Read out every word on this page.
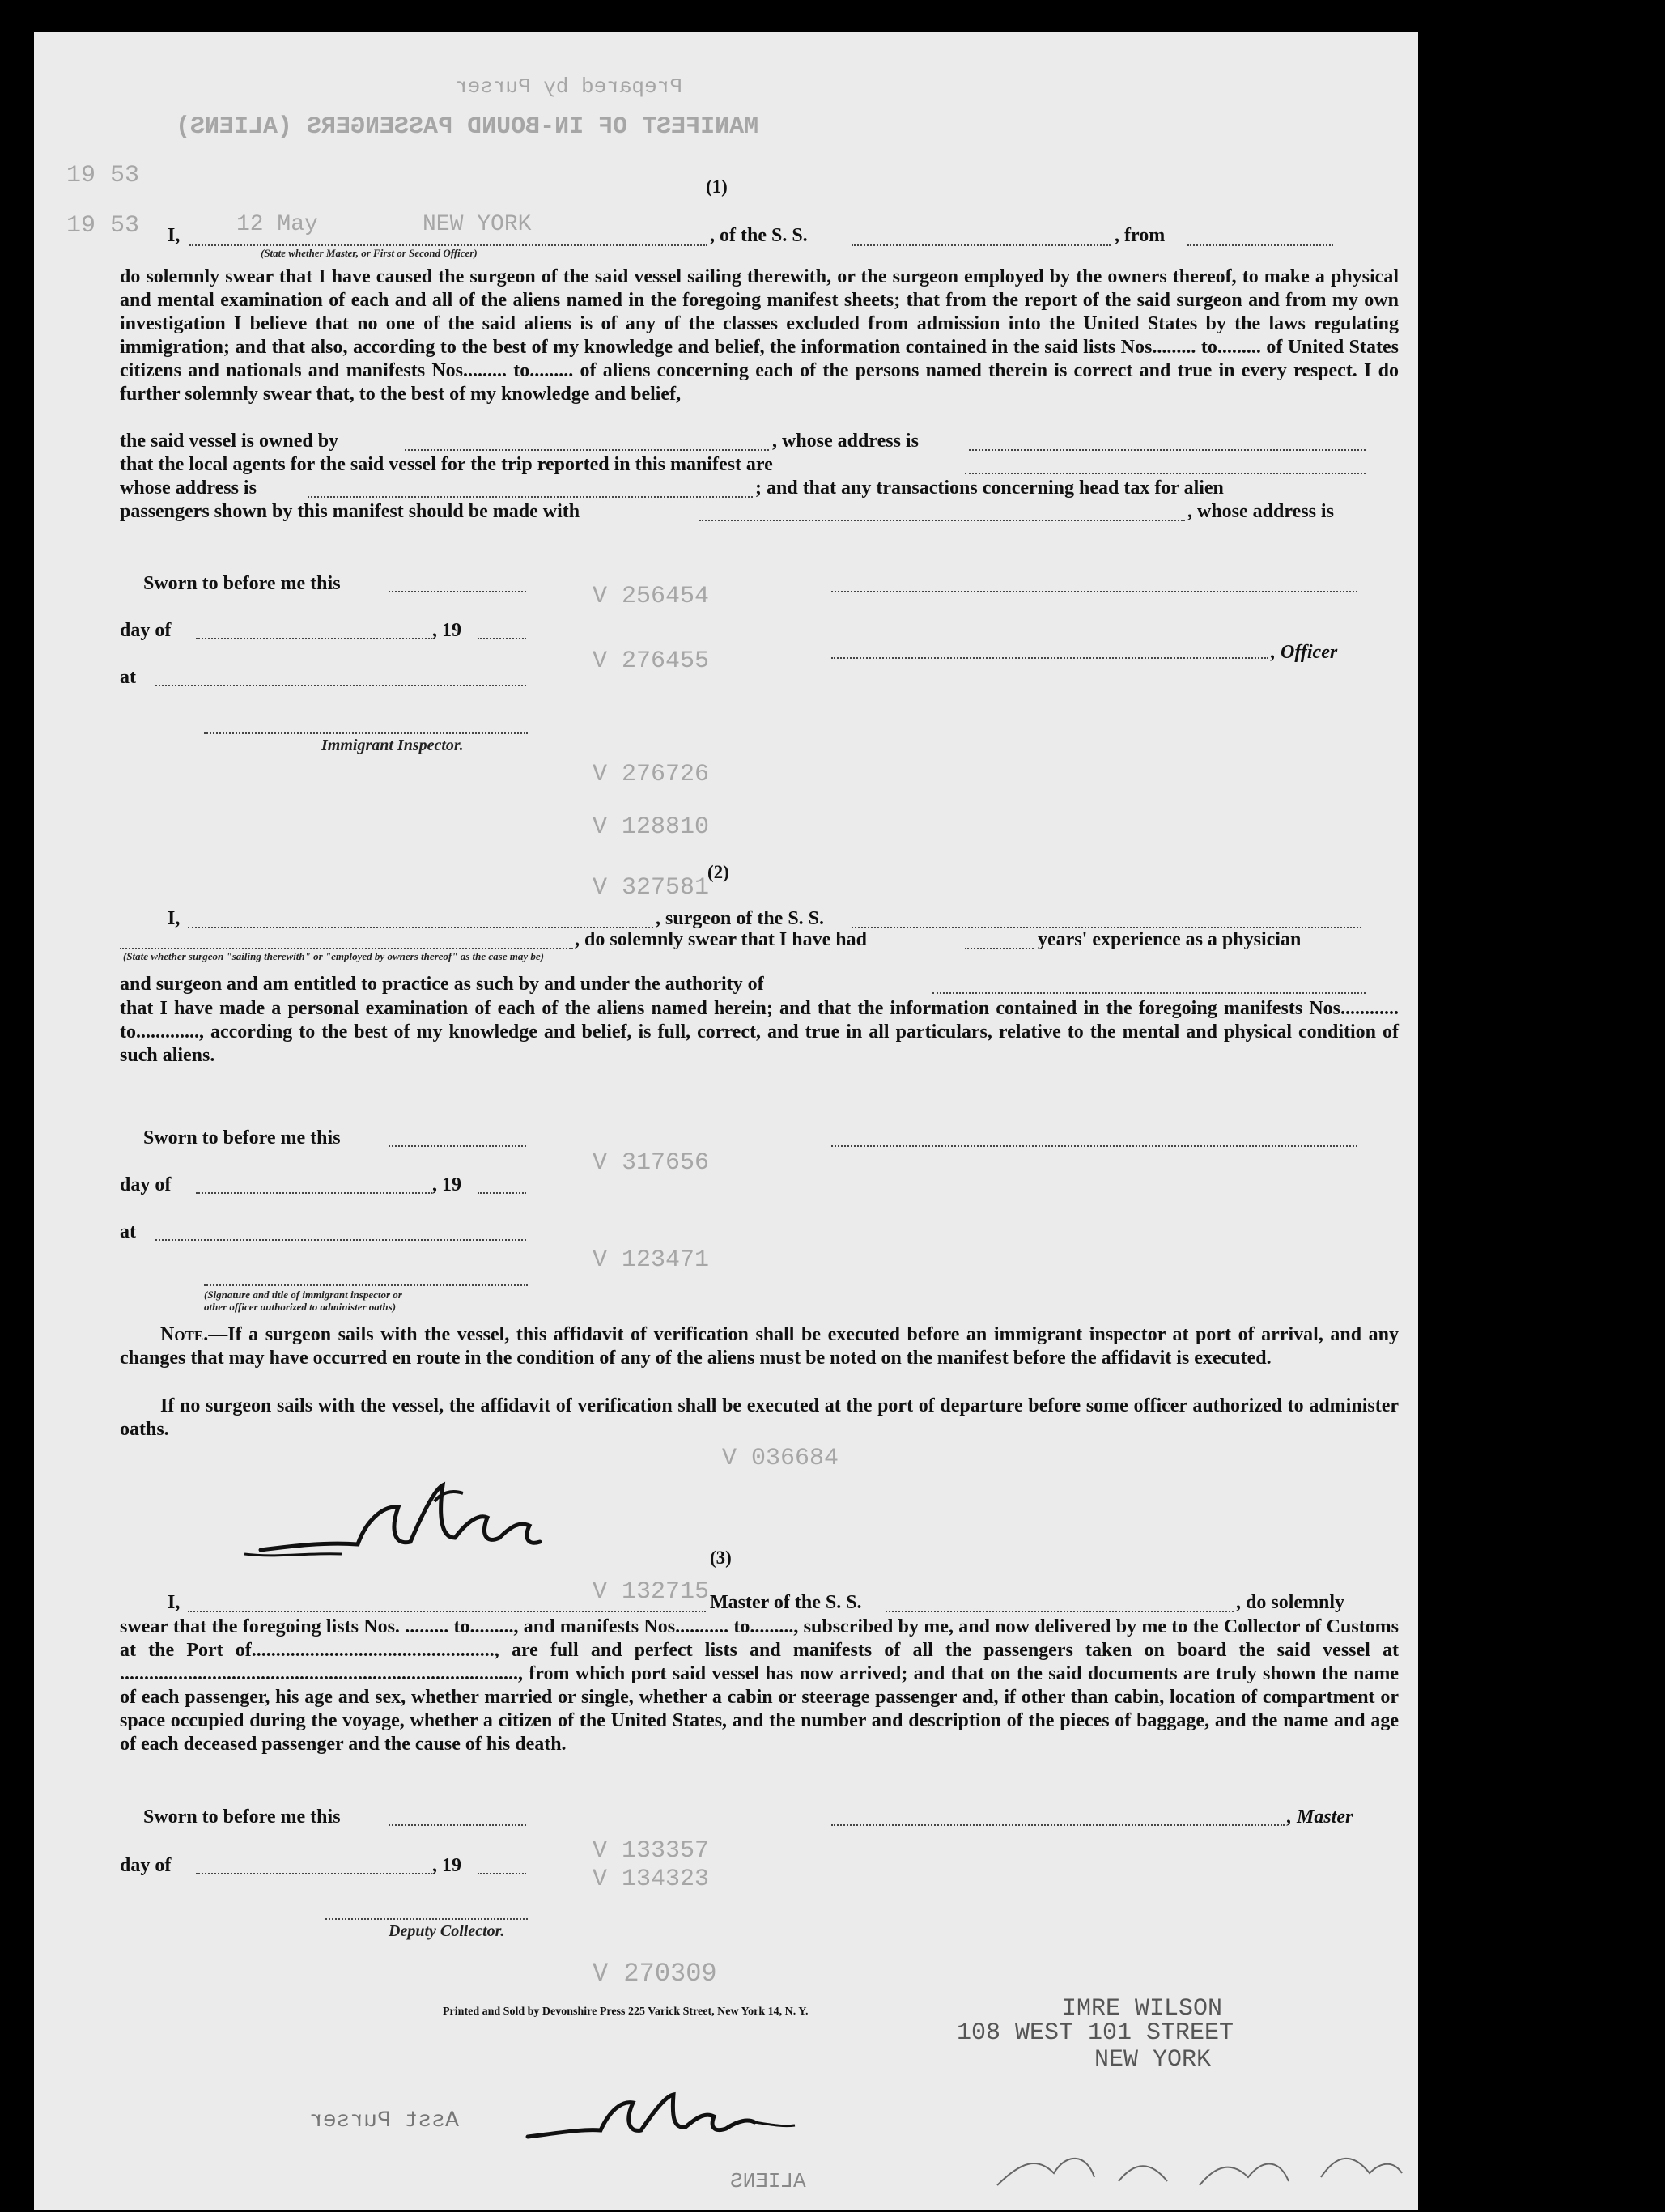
Prepared by Purser
MANIFEST OF IN-BOUND PASSENGERS (ALIENS)
19 53
19 53	12 May	NEW YORK
V 256454
V 276455
V 276726
V 128810
V 327581
V 317656
V 123471
V 036684
V 132715
V 133357
V 134323
V 270309
IMRE WILSON
108 WEST 101 STREET
NEW YORK
Asst Purser
ALIENS
(1)
I,	, of the S. S.	, from
(State whether Master, or First or Second Officer)
do solemnly swear that I have caused the surgeon of the said vessel sailing therewith, or the surgeon employed by the owners thereof, to make a physical and mental examination of each and all of the aliens named in the foregoing manifest sheets; that from the report of the said surgeon and from my own investigation I believe that no one of the said aliens is of any of the classes excluded from admission into the United States by the laws regulating immigration; and that also, according to the best of my knowledge and belief, the information contained in the said lists Nos......... to......... of United States citizens and nationals and manifests Nos......... to......... of aliens concerning each of the persons named therein is correct and true in every respect. I do further solemnly swear that, to the best of my knowledge and belief,
the said vessel is owned by	, whose address is
that the local agents for the said vessel for the trip reported in this manifest are
whose address is	; and that any transactions concerning head tax for alien
passengers shown by this manifest should be made with	, whose address is
Sworn to before me this
day of	, 19
, Officer
at
Immigrant Inspector.
(2)
I,	, surgeon of the S. S.
, do solemnly swear that I have had	years' experience as a physician
(State whether surgeon "sailing therewith" or "employed by owners thereof" as the case may be)
and surgeon and am entitled to practice as such by and under the authority of
that I have made a personal examination of each of the aliens named herein; and that the information contained in the foregoing manifests Nos............ to............., according to the best of my knowledge and belief, is full, correct, and true in all particulars, relative to the mental and physical condition of such aliens.
Sworn to before me this
day of	, 19
at
(Signature and title of immigrant inspector or other officer authorized to administer oaths)
Note.—If a surgeon sails with the vessel, this affidavit of verification shall be executed before an immigrant inspector at port of arrival, and any changes that may have occurred en route in the condition of any of the aliens must be noted on the manifest before the affidavit is executed.
If no surgeon sails with the vessel, the affidavit of verification shall be executed at the port of departure before some officer authorized to administer oaths.
(3)
I,	Master of the S. S.	, do solemnly
swear that the foregoing lists Nos. ......... to........., and manifests Nos........... to........., subscribed by me, and now delivered by me to the Collector of Customs at the Port of.................................................., are full and perfect lists and manifests of all the passengers taken on board the said vessel at .................................................................................., from which port said vessel has now arrived; and that on the said documents are truly shown the name of each passenger, his age and sex, whether married or single, whether a cabin or steerage passenger and, if other than cabin, location of compartment or space occupied during the voyage, whether a citizen of the United States, and the number and description of the pieces of baggage, and the name and age of each deceased passenger and the cause of his death.
Sworn to before me this	, Master
day of	, 19
Deputy Collector.
Printed and Sold by Devonshire Press 225 Varick Street, New York 14, N. Y.
